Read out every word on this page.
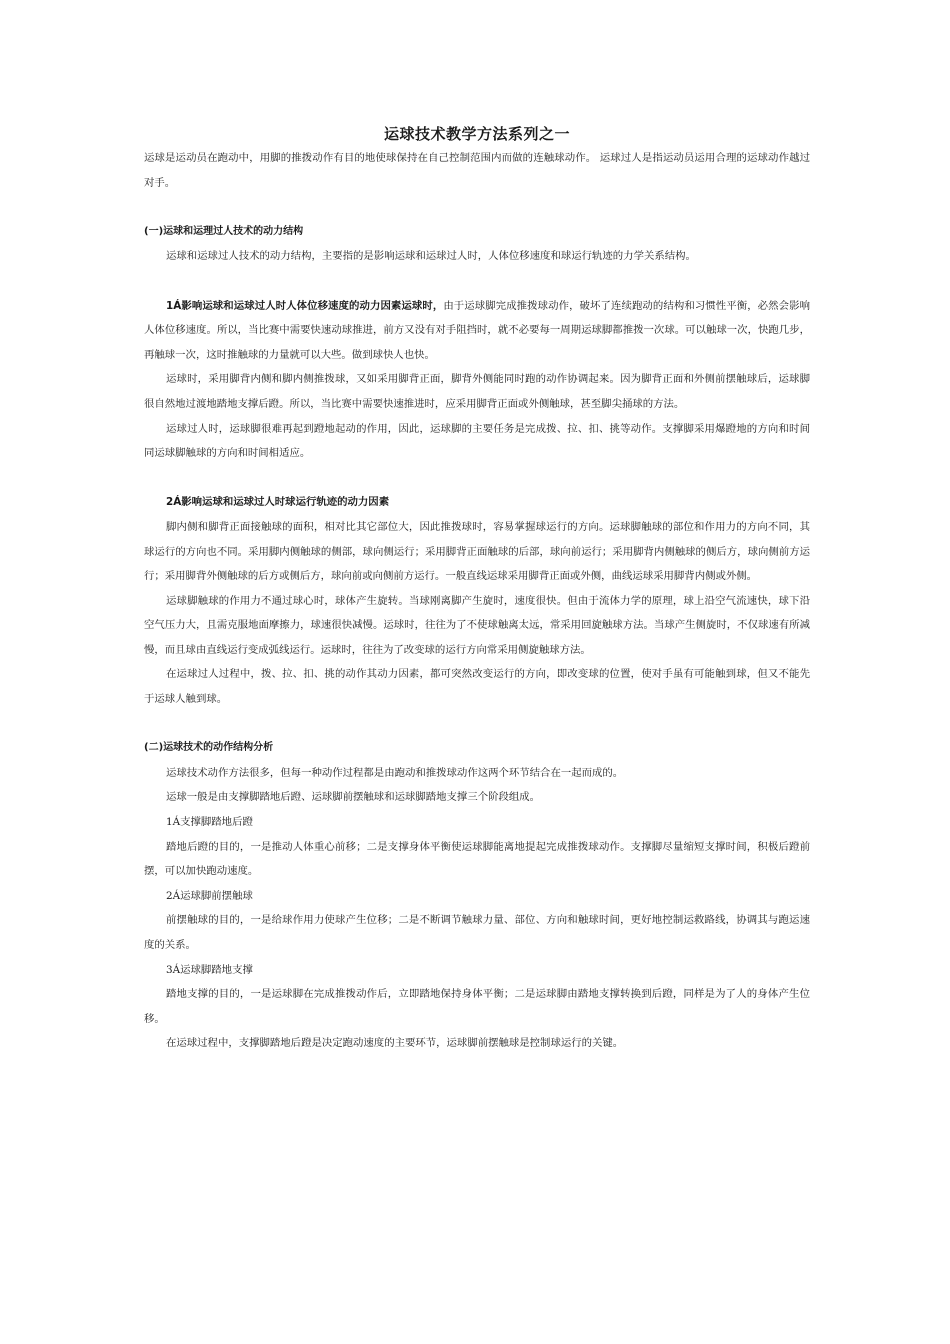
运球技术教学方法系列之一

运球是运动员在跑动中，用脚的推拨动作有目的地使球保持在自己控制范围内而做的连触球动作。 运球过人是指运动员运用合理的运球动作越过对手。

(一)运球和运理过人技术的动力结构

运球和运球过人技术的动力结构，主要指的是影响运球和运球过人时，人体位移速度和球运行轨迹的力学关系结构。

1Á影响运球和运球过人时人体位移速度的动力因素运球时，由于运球脚完成推拨球动作，破坏了连续跑动的结构和习惯性平衡，必然会影响人体位移速度。所以，当比赛中需要快速动球推进，前方又没有对手阻挡时，就不必要每一周期运球脚都推拨一次球。可以触球一次，快跑几步，再触球一次，这时推触球的力量就可以大些。做到球快人也快。

运球时，采用脚背内侧和脚内侧推拨球，又如采用脚背正面，脚背外侧能同时跑的动作协调起来。因为脚背正面和外侧前摆触球后，运球脚很自然地过渡地踏地支撑后蹬。所以，当比赛中需要快速推进时，应采用脚背正面或外侧触球，甚至脚尖捅球的方法。

运球过人时，运球脚很难再起到蹬地起动的作用，因此，运球脚的主要任务是完成拨、拉、扣、挑等动作。支撑脚采用爆蹬地的方向和时间同运球脚触球的方向和时间相适应。

2Á影响运球和运球过人时球运行轨迹的动力因素

脚内侧和脚背正面接触球的面积，相对比其它部位大，因此推拨球时，容易掌握球运行的方向。运球脚触球的部位和作用力的方向不同，其球运行的方向也不同。采用脚内侧触球的侧部，球向侧运行；采用脚背正面触球的后部，球向前运行；采用脚背内侧触球的侧后方，球向侧前方运行；采用脚背外侧触球的后方或侧后方，球向前或向侧前方运行。一般直线运球采用脚背正面或外侧，曲线运球采用脚背内侧或外侧。

运球脚触球的作用力不通过球心时，球体产生旋转。当球刚离脚产生旋时，速度很快。但由于流体力学的原理，球上沿空气流速快，球下沿空气压力大，且需克服地面摩擦力，球速很快减慢。运球时，往往为了不使球触离太远，常采用回旋触球方法。当球产生侧旋时，不仅球速有所减慢，而且球由直线运行变成弧线运行。运球时，往往为了改变球的运行方向常采用侧旋触球方法。

在运球过人过程中，拨、拉、扣、挑的动作其动力因素，都可突然改变运行的方向，即改变球的位置，使对手虽有可能触到球，但又不能先于运球人触到球。

(二)运球技术的动作结构分析

运球技术动作方法很多，但每一种动作过程都是由跑动和推拨球动作这两个环节结合在一起而成的。

运球一般是由支撑脚踏地后蹬、运球脚前摆触球和运球脚踏地支撑三个阶段组成。

1Á支撑脚踏地后蹬

踏地后蹬的目的，一是推动人体重心前移；二是支撑身体平衡使运球脚能离地提起完成推拨球动作。支撑脚尽量缩短支撑时间，积极后蹬前摆，可以加快跑动速度。

2Á运球脚前摆触球

前摆触球的目的，一是给球作用力使球产生位移；二是不断调节触球力量、部位、方向和触球时间，更好地控制运救路线，协调其与跑运速度的关系。

3Á运球脚踏地支撑

踏地支撑的目的，一是运球脚在完成推拨动作后，立即踏地保持身体平衡；二是运球脚由踏地支撑转换到后蹬，同样是为了人的身体产生位移。

在运球过程中，支撑脚踏地后蹬是决定跑动速度的主要环节，运球脚前摆触球是控制球运行的关键。
